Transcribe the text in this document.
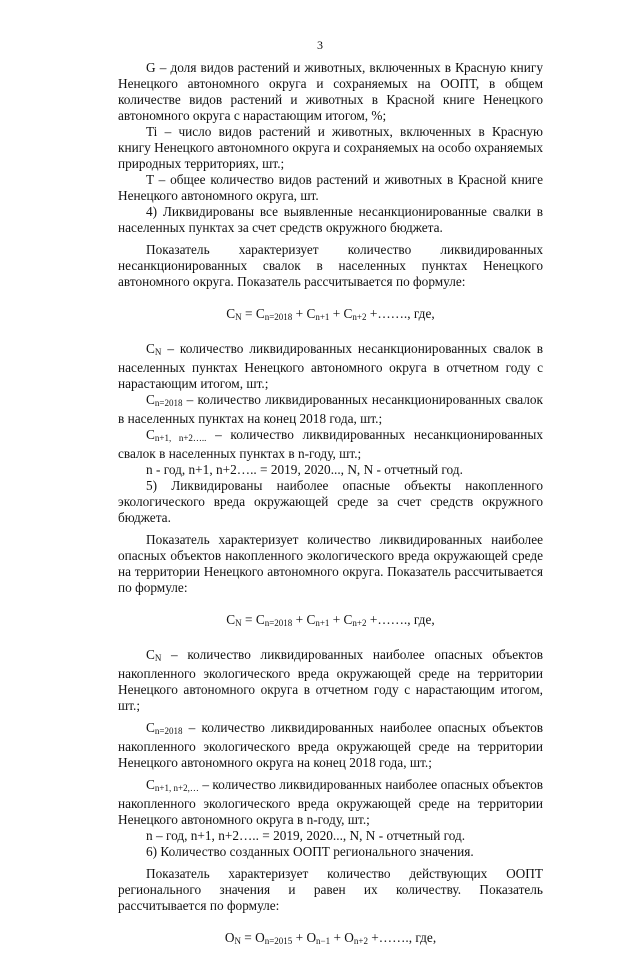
3

G – доля видов растений и животных, включенных в Красную книгу Ненецкого автономного округа и сохраняемых на ООПТ, в общем количестве видов растений и животных в Красной книге Ненецкого автономного округа с нарастающим итогом, %;

Ti – число видов растений и животных, включенных в Красную книгу Ненецкого автономного округа и сохраняемых на особо охраняемых природных территориях, шт.;

T – общее количество видов растений и животных в Красной книге Ненецкого автономного округа, шт.

4) Ликвидированы все выявленные несанкционированные свалки в населенных пунктах за счет средств окружного бюджета.

Показатель характеризует количество ликвидированных несанкционированных свалок в населенных пунктах Ненецкого автономного округа. Показатель рассчитывается по формуле:

$C_N = C_{n=2018} + C_{n+1} + C_{n+2}$ +……., где,

$C_N$ – количество ликвидированных несанкционированных свалок в населенных пунктах Ненецкого автономного округа в отчетном году с нарастающим итогом, шт.;

$C_{n=2018}$ – количество ликвидированных несанкционированных свалок в населенных пунктах на конец 2018 года, шт.;

$C_{n+1, n+2\dots..}$ – количество ликвидированных несанкционированных свалок в населенных пунктах в n-году, шт.;

n - год, n+1, n+2….. = 2019, 2020..., N, N - отчетный год.

5) Ликвидированы наиболее опасные объекты накопленного экологического вреда окружающей среде за счет средств окружного бюджета.

Показатель характеризует количество ликвидированных наиболее опасных объектов накопленного экологического вреда окружающей среде на территории Ненецкого автономного округа. Показатель рассчитывается по формуле:

$C_N = C_{n=2018} + C_{n+1} + C_{n+2}$ +……., где,

$C_N$ – количество ликвидированных наиболее опасных объектов накопленного экологического вреда окружающей среде на территории Ненецкого автономного округа в отчетном году с нарастающим итогом, шт.;

$C_{n=2018}$ – количество ликвидированных наиболее опасных объектов накопленного экологического вреда окружающей среде на территории Ненецкого автономного округа на конец 2018 года, шт.;

$C_{n+1, n+2,\dots}$ – количество ликвидированных наиболее опасных объектов накопленного экологического вреда окружающей среде на территории Ненецкого автономного округа в n-году, шт.;

n – год, n+1, n+2….. = 2019, 2020..., N, N - отчетный год.

6) Количество созданных ООПТ регионального значения.

Показатель характеризует количество действующих ООПТ регионального значения и равен их количеству. Показатель рассчитывается по формуле:

$O_N = O_{n=2015} + O_{n-1} + O_{n+2}$ +……., где,
